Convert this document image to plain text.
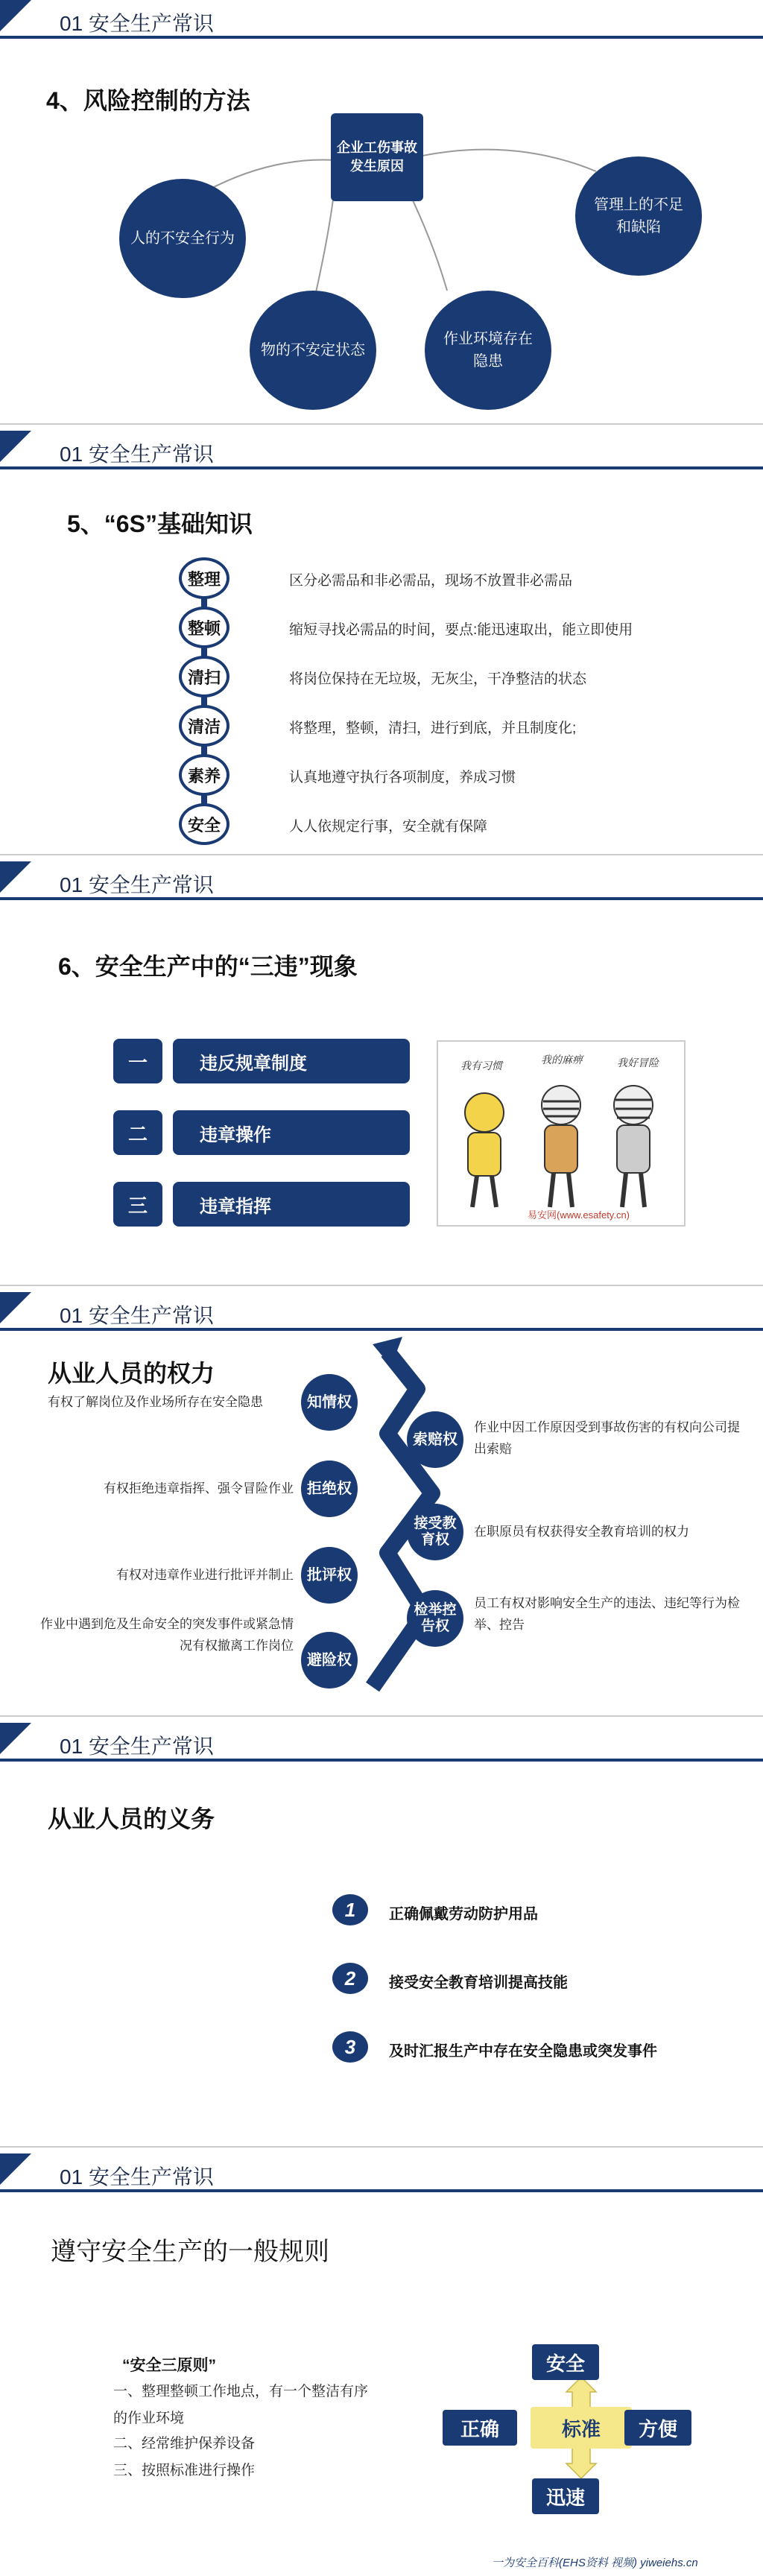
01 安全生产常识
4、风险控制的方法
企业工伤事故
发生原因
人的不安全行为
物的不安定状态
作业环境存在
隐患
管理上的不足
和缺陷
01 安全生产常识
5、“6S”基础知识
整理	区分必需品和非必需品，现场不放置非必需品
整顿	缩短寻找必需品的时间，要点:能迅速取出，能立即使用
清扫	将岗位保持在无垃圾，无灰尘，干净整洁的状态
清洁	将整理，整顿，清扫，进行到底，并且制度化;
素养	认真地遵守执行各项制度，养成习惯
安全	人人依规定行事，安全就有保障
01 安全生产常识
6、安全生产中的“三违”现象
一	违反规章制度
二	违章操作
三	违章指挥
我有习惯	我的麻痹	我好冒险
易安网(www.esafety.cn)
01 安全生产常识
从业人员的权力
知情权
有权了解岗位及作业场所存在安全隐患
拒绝权
有权拒绝违章指挥、强令冒险作业
批评权
有权对违章作业进行批评并制止
避险权
作业中遇到危及生命安全的突发事件或紧急情况有权撤离工作岗位
索赔权
作业中因工作原因受到事故伤害的有权向公司提出索赔
接受教育权
在职原员有权获得安全教育培训的权力
检举控告权
员工有权对影响安全生产的违法、违纪等行为检举、控告
01 安全生产常识
从业人员的义务
1	正确佩戴劳动防护用品
2	接受安全教育培训提高技能
3	及时汇报生产中存在安全隐患或突发事件
01 安全生产常识
遵守安全生产的一般规则
“安全三原则”
一、整理整顿工作地点，有一个整洁有序的作业环境
二、经常维护保养设备
三、按照标准进行操作
标准
安全
正确	方便
迅速
一为安全百科(EHS资料 视频) yiweiehs.cn
